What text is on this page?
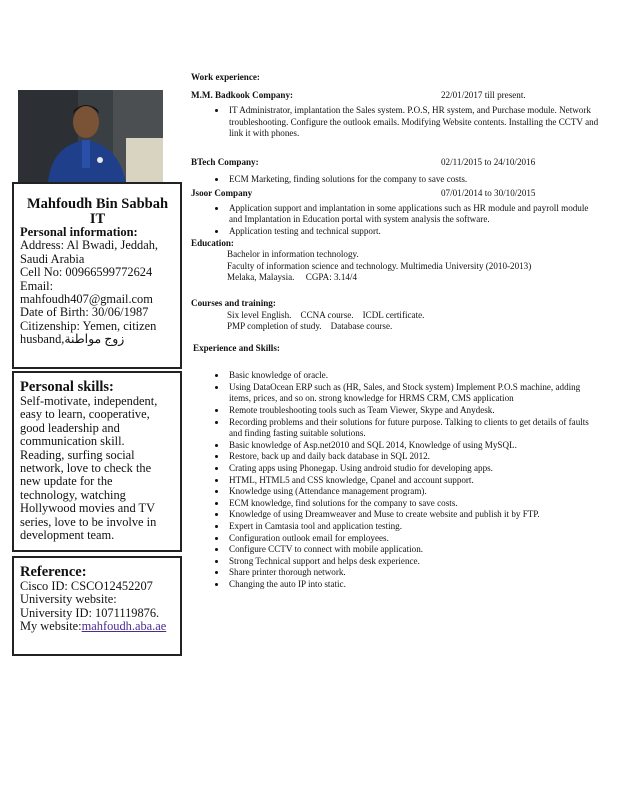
Mahfoudh Bin Sabbah
IT
Personal information:
Address: Al Bwadi, Jeddah,
Saudi Arabia
Cell No: 00966599772624
Email:
mahfoudh407@gmail.com
Date of Birth: 30/06/1987
Citizenship: Yemen, citizen
husband,زوج مواطنة
Personal skills:
Self-motivate, independent,
easy to learn, cooperative,
good leadership and
communication skill.
Reading, surfing social
network, love to check the
new update for the
technology, watching
Hollywood movies and TV
series, love to be involve in
development team.
Reference:
Cisco ID: CSCO12452207
University website:
University ID: 1071119876.
My website:mahfoudh.aba.ae
Work experience:
M.M. Badkook Company:	22/01/2017 till present.
• IT Administrator, implantation the Sales system. P.O.S, HR system, and Purchase module. Network troubleshooting. Configure the outlook emails. Modifying Website contents. Installing the CCTV and link it with phones.
BTech Company:	02/11/2015 to 24/10/2016
• ECM Marketing, finding solutions for the company to save costs.
Jsoor Company	07/01/2014 to 30/10/2015
• Application support and implantation in some applications such as HR module and payroll module and Implantation in Education portal with system analysis the software.
• Application testing and technical support.
Education:
Bachelor in information technology.
Faculty of information science and technology. Multimedia University (2010-2013)
Melaka, Malaysia.     CGPA: 3.14/4
Courses and training:
Six level English.    CCNA course.    ICDL certificate.
PMP completion of study.    Database course.
Experience and Skills:
• Basic knowledge of oracle.
• Using DataOcean ERP such as (HR, Sales, and Stock system) Implement P.O.S machine, adding items, prices, and so on. strong knowledge for HRMS CRM, CMS application
• Remote troubleshooting tools such as Team Viewer, Skype and Anydesk.
• Recording problems and their solutions for future purpose. Talking to clients to get details of faults and finding fasting suitable solutions.
• Basic knowledge of Asp.net2010 and SQL 2014, Knowledge of using MySQL.
• Restore, back up and daily back database in SQL 2012.
• Crating apps using Phonegap. Using android studio for developing apps.
• HTML, HTML5 and CSS knowledge, Cpanel and account support.
• Knowledge using (Attendance management program).
• ECM knowledge, find solutions for the company to save costs.
• Knowledge of using Dreamweaver and Muse to create website and publish it by FTP.
• Expert in Camtasia tool and application testing.
• Configuration outlook email for employees.
• Configure CCTV to connect with mobile application.
• Strong Technical support and helps desk experience.
• Share printer thorough network.
• Changing the auto IP into static.
